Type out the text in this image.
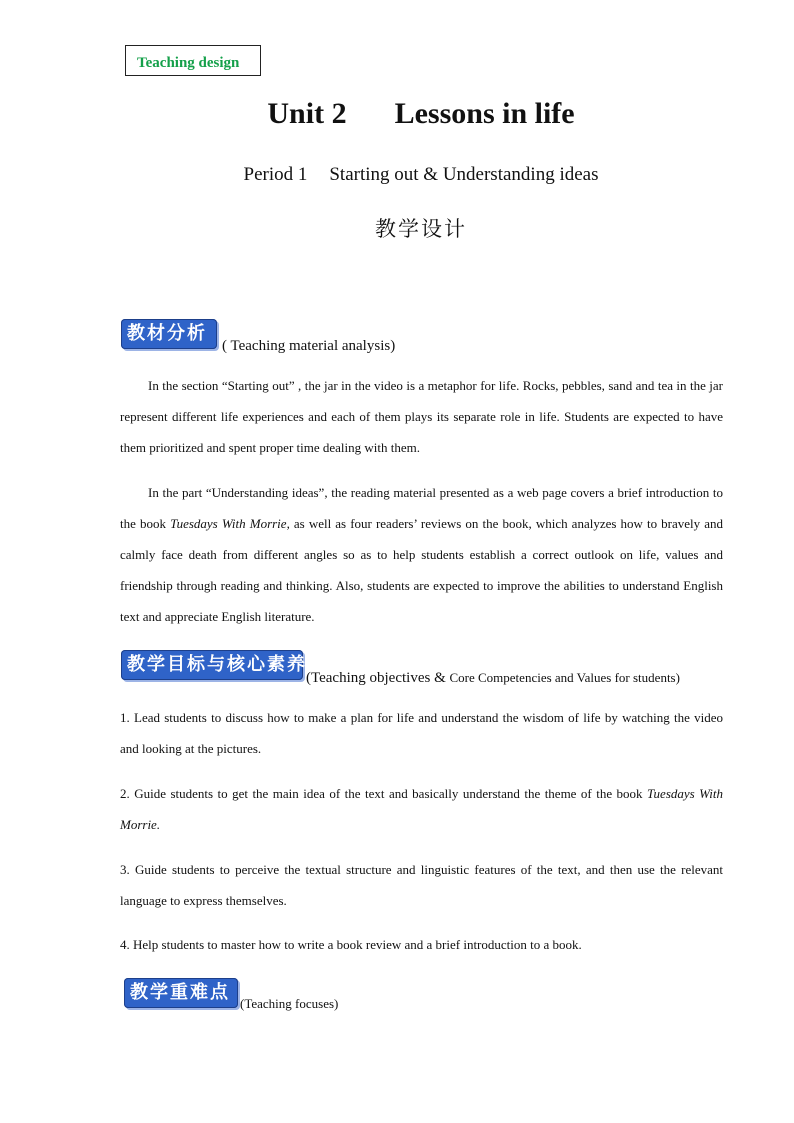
Teaching design
Unit 2 Lessons in life
Period 1 Starting out & Understanding ideas
教学设计
教材分析
( Teaching material analysis)

In the section “Starting out” , the jar in the video is a metaphor for life. Rocks, pebbles, sand and tea in the jar represent different life experiences and each of them plays its separate role in life. Students are expected to have them prioritized and spent proper time dealing with them.

In the part “Understanding ideas”, the reading material presented as a web page covers a brief introduction to the book Tuesdays With Morrie, as well as four readers’ reviews on the book, which analyzes how to bravely and calmly face death from different angles so as to help students establish a correct outlook on life, values and friendship through reading and thinking. Also, students are expected to improve the abilities to understand English text and appreciate English literature.

教学目标与核心素养
(Teaching objectives & Core Competencies and Values for students)

1. Lead students to discuss how to make a plan for life and understand the wisdom of life by watching the video and looking at the pictures.

2. Guide students to get the main idea of the text and basically understand the theme of the book Tuesdays With Morrie.

3. Guide students to perceive the textual structure and linguistic features of the text, and then use the relevant language to express themselves.

4. Help students to master how to write a book review and a brief introduction to a book.

教学重难点
(Teaching focuses)
